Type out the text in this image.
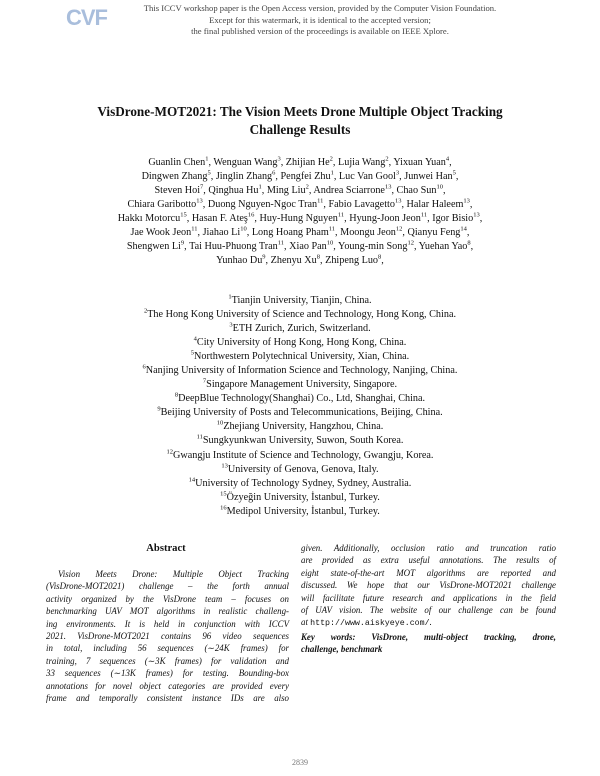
CVF	This ICCV workshop paper is the Open Access version, provided by the Computer Vision Foundation.
Except for this watermark, it is identical to the accepted version;
the final published version of the proceedings is available on IEEE Xplore.
VisDrone-MOT2021: The Vision Meets Drone Multiple Object Tracking
Challenge Results
Guanlin Chen$^1$, Wenguan Wang$^3$, Zhijian He$^2$, Lujia Wang$^2$, Yixuan Yuan$^4$,
Dingwen Zhang$^5$, Jinglin Zhang$^6$, Pengfei Zhu$^1$, Luc Van Gool$^3$, Junwei Han$^5$,
Steven Hoi$^7$, Qinghua Hu$^1$, Ming Liu$^2$, Andrea Sciarrone$^{13}$, Chao Sun$^{10}$,
Chiara Garibotto$^{13}$, Duong Nguyen-Ngoc Tran$^{11}$, Fabio Lavagetto$^{13}$, Halar Haleem$^{13}$,
Hakkı Motorcu$^{15}$, Hasan F. Ateş$^{16}$, Huy-Hung Nguyen$^{11}$, Hyung-Joon Jeon$^{11}$, Igor Bisio$^{13}$,
Jae Wook Jeon$^{11}$, Jiahao Li$^{10}$, Long Hoang Pham$^{11}$, Moongu Jeon$^{12}$, Qianyu Feng$^{14}$,
Shengwen Li$^9$, Tai Huu-Phuong Tran$^{11}$, Xiao Pan$^{10}$, Young-min Song$^{12}$, Yuehan Yao$^8$,
Yunhao Du$^9$, Zhenyu Xu$^8$, Zhipeng Luo$^8$,
$^1$Tianjin University, Tianjin, China.
$^2$The Hong Kong University of Science and Technology, Hong Kong, China.
$^3$ETH Zurich, Zurich, Switzerland.
$^4$City University of Hong Kong, Hong Kong, China.
$^5$Northwestern Polytechnical University, Xian, China.
$^6$Nanjing University of Information Science and Technology, Nanjing, China.
$^7$Singapore Management University, Singapore.
$^8$DeepBlue Technology(Shanghai) Co., Ltd, Shanghai, China.
$^9$Beijing University of Posts and Telecommunications, Beijing, China.
$^{10}$Zhejiang University, Hangzhou, China.
$^{11}$Sungkyunkwan University, Suwon, South Korea.
$^{12}$Gwangju Institute of Science and Technology, Gwangju, Korea.
$^{13}$University of Genova, Genova, Italy.
$^{14}$University of Technology Sydney, Sydney, Australia.
$^{15}$Özyeğin University, İstanbul, Turkey.
$^{16}$Medipol University, İstanbul, Turkey.
Abstract
Vision Meets Drone: Multiple Object Tracking
(VisDrone-MOT2021) challenge – the forth annual
activity organized by the VisDrone team – focuses on
benchmarking UAV MOT algorithms in realistic challeng-
ing environments. It is held in conjunction with ICCV
2021. VisDrone-MOT2021 contains 96 video sequences
in total, including 56 sequences (∼24K frames) for
training, 7 sequences (∼3K frames) for validation and
33 sequences (∼13K frames) for testing. Bounding-box
annotations for novel object categories are provided every
frame and temporally consistent instance IDs are also
given. Additionally, occlusion ratio and truncation ratio
are provided as extra useful annotations. The results of
eight state-of-the-art MOT algorithms are reported and
discussed. We hope that our VisDrone-MOT2021 challenge
will facilitate future research and applications in the field
of UAV vision. The website of our challenge can be found
at http://www.aiskyeye.com/.
Key words: VisDrone, multi-object tracking, drone,
challenge, benchmark
2839
